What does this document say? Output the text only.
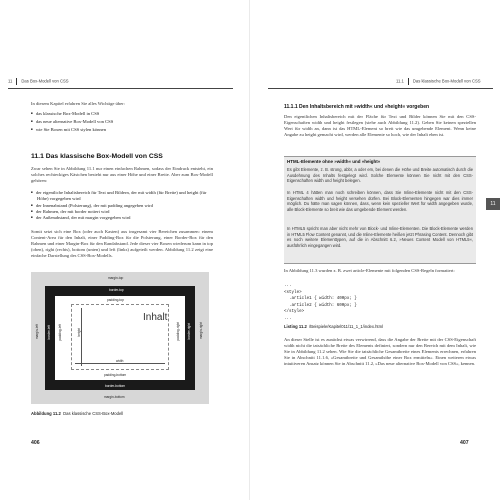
11 Das Box-Modell von CSS
In diesem Kapitel erfahren Sie alles Wichtige über:
■ das klassische Box-Modell in CSS
■ das neue alternative Box-Modell von CSS
■ wie Sie Boxen mit CSS stylen können
11.1 Das klassische Box-Modell von CSS
Zwar sehen Sie in Abbildung 11.1 nur einen einfachen Rahmen, sodass der Eindruck entsteht, ein solches rechteckiges Kästchen besteht nur aus einer Höhe und einer Breite. Aber zum Box-Modell gehören:
■ der eigentliche Inhaltsbereich für Text und Bildern, der mit width (für Breite) und height (für Höhe) vorgegeben wird
■ der Innenabstand (Polsterung), der mit padding angegeben wird
■ der Rahmen, der mit border notiert wird
■ der Außenabstand, der mit margin vorgegeben wird
Somit setzt sich eine Box (oder auch Kasten) aus insgesamt vier Bereichen zusammen: einem Content-Area für den Inhalt, einer Padding-Box für die Polsterung, einer Border-Box für den Rahmen und einer Margin-Box für den Randabstand. Jede dieser vier Boxen wiederum kann in top (oben), right (rechts), bottom (unten) und left (links) aufgeteilt werden. Abbildung 11.2 zeigt eine einfache Darstellung des CSS-Box-Modells.
margin-top
border-top
padding-top
Inhalt
height
width
padding-bottom
border-bottom
margin-bottom
margin-left	border-left padding-left	padding-right border-right	margin-right
Abbildung 11.2 Das klassische CSS-Box-Modell
406
11.1 Das klassische Box-Modell von CSS
11.1.1 Den Inhaltsbereich mit »width« und »height« vorgeben
Den eigentlichen Inhaltsbereich mit der Fläche für Text und Bilder können Sie mit den CSS-Eigenschaften width und height festlegen (siehe auch Abbildung 11.2). Geben Sie keinen speziellen Wert für width an, dann ist das HTML-Element so breit wie das umgebende Element. Wenn keine Angabe zu height gemacht wird, werden alle Elemente so hoch, wie der Inhalt eben ist.
HTML-Elemente ohne »width« und »height«
Es gibt Elemente, z. B. strong, abbr, a oder em, bei denen die Höhe und Breite automatisch durch die Ausdehnung des Inhalts festgelegt wird. Solche Elemente können Sie nicht mit den CSS-Eigenschaften width und height belegen.
In HTML 4 hätten man noch schreiben können, dass Sie Inline-Elemente nicht mit den CSS-Eigenschaften width und height versehen dürfen. Bei Block-Elementen hingegen war dies immer möglich. Du hätte man sagen können, dass, wenn kein spezieller Wert für width angegeben wurde, alle Block-Elemente so breit wie das umgebende Element werden.
In HTML5 spricht man aber nicht mehr von Block- und Inline-Elementen. Die Block-Elemente werden in HTML5 Flow Content genannt, und die Inline-Elemente heißen jetzt Phrasing Content. Dennoch gibt es noch weitere Elementtypen, auf die in Abschnitt 6.2, »Neues Content Modell von HTML5«, ausführlich eingegangen wird.
11
In Abbildung 11.3 wurden z. B. zwei article-Elemente mit folgenden CSS-Regeln formatiert:
...
<style>
.article1 { width: 400px; }
.article2 { width: 600px; }
</style>
...
Listing 11.2 /Beispiele/Kapitel011/11_1_1/index.html
An dieser Stelle ist es zunächst etwas verwirrend, dass die Angabe der Breite mit der CSS-Eigenschaft width nicht die tatsächliche Breite des Elements definiert, sondern nur den Bereich mit dem Inhalt, wie Sie in Abbildung 11.2 sehen. Wie Sie die tatsächliche Gesamtbreite eines Elements errechnen, erfahren Sie in Abschnitt 11.1.6, »Gesamtbreite und Gesamthöhe einer Box ermitteln«. Einen weiteren etwas intuitiveren Ansatz können Sie in Abschnitt 11.2, »Das neue alternative Box-Modell von CSS«, kennen.
407
